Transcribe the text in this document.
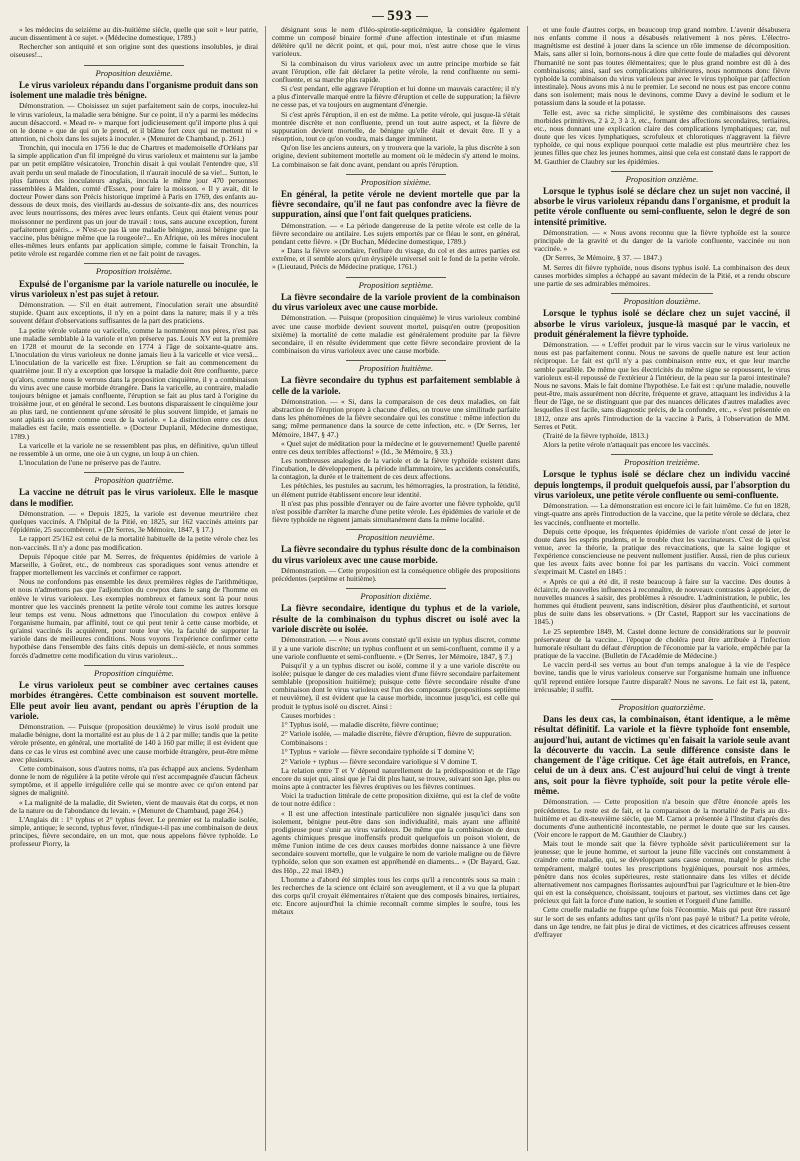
593

» les médecins du seizième au dix-huitième siècle, quelle que soit » leur patrie, aucun dissentiment à ce sujet. » (Médecine domestique, 1789.)

Rechercher son antiquité et son origine sont des questions insolubles, je dirai oiseuses!...

Proposition deuxième.

Le virus varioleux répandu dans l'organisme produit dans son isolement une maladie très bénigne.

Démonstration. — Choisissez un sujet parfaitement sain de corps, inoculez-lui le virus varioleux, la maladie sera bénigne. Sur ce point, il n'y a parmi les médecins aucun désaccord. « Mead re- » marque fort judicieusement qu'il importe plus à qui on le donne » que de qui on le prend, et il blâme fort ceux qui ne mettent ni » attention, ni choix dans les sujets à inoculer. » (Menuret de Chambaud, p. 261.)

Tronchin, qui inocula en 1756 le duc de Chartres et mademoiselle d'Orléans par la simple application d'un fil imprégné du virus varioleux et maintenu sur la jambe par un petit emplâtre vésicatoire, Tronchin disait à qui voulait l'entendre que, s'il avait perdu un seul malade de l'inoculation, il n'aurait inoculé de sa vie!... Sutton, le plus fameux des inoculateurs anglais, inocula le même jour 470 personnes rassemblées à Malden, comté d'Essex, pour faire la moisson. « Il y avait, dit le docteur Power dans son Précis historique imprimé à Paris en 1769, des enfants au-dessous de deux mois, des vieillards au-dessus de soixante-dix ans, des nourrices avec leurs nourrissons, des mères avec leurs enfants. Ceux qui étaient venus pour moissonner ne perdirent pas un jour de travail : tous, sans aucune exception, furent parfaitement guéris... » N'est-ce pas là une maladie bénigne, aussi bénigne que la vaccine, plus bénigne même que la rougeole?... En Afrique, où les mères inoculent elles-mêmes leurs enfants par application simple, comme le faisait Tronchin, la petite vérole est regardée comme rien et ne fait point de ravages.

Proposition troisième.

Expulsé de l'organisme par la variole naturelle ou inoculée, le virus varioleux n'est pas sujet à retour.

Démonstration. — S'il en était autrement, l'inoculation serait une absurdité stupide. Quant aux exceptions, il n'y en a point dans la nature; mais il y a très souvent défaut d'observations suffisantes de la part des praticiens.

La petite vérole volante ou varicelle, comme la nommèrent nos pères, n'est pas une maladie semblable à la variole et n'en préserve pas. Louis XV eut la première en 1728 et mourut de la seconde en 1774 à l'âge de soixante-quatre ans. L'inoculation du virus varioleux ne donne jamais lieu à la varicelle et vice versâ... L'inoculation de la varicelle est fixe. L'éruption se fait au commencement du quatrième jour. Il n'y a exception que lorsque la maladie doit être confluente, parce qu'alors, comme nous le verrons dans la proposition cinquième, il y a combinaison du virus avec une cause morbide étrangère. Dans la varicelle, au contraire, maladie toujours bénigne et jamais confluente, l'éruption se fait au plus tard à l'origine du troisième jour, et en général le second. Les boutons disparaissent le cinquième jour au plus tard, ne contiennent qu'une sérosité le plus souvent limpide, et jamais ne sont aplatis au centre comme ceux de la variole. « La distinction entre ces deux maladies est facile, mais essentielle. » (Docteur Duplanil, Médecine domestique, 1789.)

La varicelle et la variole ne se ressemblent pas plus, en définitive, qu'un tilleul ne ressemble à un orme, une oie à un cygne, un loup à un chien.

L'inoculation de l'une ne préserve pas de l'autre.

Proposition quatrième.

La vaccine ne détruit pas le virus varioleux. Elle le masque dans le modifier.

Démonstration. — « Depuis 1825, la variole est devenue meurtrière chez quelques vaccinés. A l'hôpital de la Pitié, en 1825, sur 162 vaccinés atteints par l'épidémie, 25 succombèrent. » (Dr Serres, 3e Mémoire, 1847, § 17.)

Le rapport 25/162 est celui de la mortalité habituelle de la petite vérole chez les non-vaccinés. Il n'y a donc pas modification.

Depuis l'époque citée par M. Serres, de fréquentes épidémies de variole à Marseille, à Goûret, etc., de nombreux cas sporadiques sont venus attendre et frapper mortellement les vaccinés et confirmer ce rapport.

Nous ne confondons pas ensemble les deux premières règles de l'arithmétique, et nous n'admettons pas que l'adjonction du cowpox dans le sang de l'homme en enlève le virus varioleux. Les exemples nombreux et fameux sont là pour nous montrer que les vaccinés prennent la petite vérole tout comme les autres lorsque leur temps est venu. Nous admettons que l'inoculation du cowpox enlève à l'organisme humain, par affinité, tout ce qui peut tenir à cette cause morbide, et qu'ainsi vaccinés ils acquièrent, pour toute leur vie, la faculté de supporter la variole dans de meilleures conditions. Nous voyons l'expérience confirmer cette hypothèse dans l'ensemble des faits cités depuis un demi-siècle, et nous sommes forcés d'admettre cette modification du virus varioleux...

Proposition cinquième.

Le virus varioleux peut se combiner avec certaines causes morbides étrangères. Cette combinaison est souvent mortelle. Elle peut avoir lieu avant, pendant ou après l'éruption de la variole.

Démonstration. — Puisque (proposition deuxième) le virus isolé produit une maladie bénigne, dont la mortalité est au plus de 1 à 2 par mille; tandis que la petite vérole présente, en général, une mortalité de 140 à 160 par mille; il est évident que dans ce cas le virus est combiné avec une cause morbide étrangère, peut-être même avec plusieurs.

Cette combinaison, sous d'autres noms, n'a pas échappé aux anciens. Sydenham donne le nom de régulière à la petite vérole qui n'est accompagnée d'aucun fâcheux symptôme, et il appelle irrégulière celle qui se montre avec ce qu'on entend par signes de malignité.

« La malignité de la maladie, dit Swieten, vient de mauvais état du corps, et non de la nature ou de l'abondance du levain. » (Menuret de Chambaud, page 264.)

L'Anglais dit : 1° typhus et 2° typhus fever. Le premier est la maladie isolée, simple, antique; le second, typhus fever, n'indique-t-il pas une combinaison de deux principes, fièvre secondaire, en un mot, que nous appelons fièvre typhoïde. Le professeur Piorry, la

désignant sous le nom d'iléo-spirotie-septicémique, la considère également comme un composé binaire formé d'une affection intestinale et d'un miasme délétère qu'il ne décrit point, et qui, pour moi, n'est autre chose que le virus varioleux.

Si la combinaison du virus varioleux avec un autre principe morbide se fait avant l'éruption, elle fait déclarer la petite vérole, la rend confluente ou semi-confluente, et sa marche plus rapide.

Si c'est pendant, elle aggrave l'éruption et lui donne un mauvais caractère; il n'y a plus d'intervalle marqué entre la fièvre d'éruption et celle de suppuration; la fièvre ne cesse pas, et va toujours en augmentant d'énergie.

Si c'est après l'éruption, il en est de même. La petite vérole, qui jusque-là s'était montrée discrète et non confluente, prend un tout autre aspect, et la fièvre de suppuration devient mortelle, de bénigne qu'elle était et devait être. Il y a résorption, tout ce qu'on voudra, mais danger imminent.

Qu'on lise les anciens auteurs, on y trouvera que la variole, la plus discrète à son origine, devient subitement mortelle au moment où le médecin s'y attend le moins. La combinaison se fait donc avant, pendant ou après l'éruption.

Proposition sixième.

En général, la petite vérole ne devient mortelle que par la fièvre secondaire, qu'il ne faut pas confondre avec la fièvre de suppuration, ainsi que l'ont fait quelques praticiens.

Démonstration. — « La période dangereuse de la petite vérole est celle de la fièvre secondaire ou antilaire. Les sujets emportés par ce fléau le sont, en général, pendant cette fièvre. » (Dr Buchan, Médecine domestique, 1789.)

« Dans la fièvre secondaire, l'enflure du visage, du col et des autres parties est extrême, et il semble alors qu'un érysipèle universel soit le fond de la petite vérole. » (Lieutaud, Précis de Médecine pratique, 1761.)

Proposition septième.

La fièvre secondaire de la variole provient de la combinaison du virus varioleux avec une cause morbide.

Démonstration. — Puisque (proposition cinquième) le virus varioleux combiné avec une cause morbide devient souvent mortel, puisqu'en outre (proposition sixième) la mortalité de cette maladie est généralement produite par la fièvre secondaire, il en résulte évidemment que cette fièvre secondaire provient de la combinaison du virus varioleux avec une cause morbide.

Proposition huitième.

La fièvre secondaire du typhus est parfaitement semblable à celle de la variole.

Démonstration. — « Si, dans la comparaison de ces deux maladies, on fait abstraction de l'éruption propre à chacune d'elles, on trouve une similitude parfaite dans les phénomènes de la fièvre secondaire qui les constitue : même infection du sang; même permanence dans la source de cette infection, etc. » (Dr Serres, 1er Mémoire, 1847, § 47.)

« Quel sujet de méditation pour la médecine et le gouvernement! Quelle parenté entre ces deux terribles affections! » (Id., 3e Mémoire, § 33.)

Les nombreuses analogies de la variole et de la fièvre typhoïde existent dans l'incubation, le développement, la période inflammatoire, les accidents consécutifs, la contagion, la durée et le traitement de ces deux affections.

Les pétéchies, les pustules au sacrum, les hémorragies, la prostration, la fétidité, un élément putride établissent encore leur identité.

Il n'est pas plus possible d'enrayer ou de faire avorter une fièvre typhoïde, qu'il n'est possible d'arrêter la marche d'une petite vérole. Les épidémies de variole et de fièvre typhoïde ne règnent jamais simultanément dans la même localité.

Proposition neuvième.

La fièvre secondaire du typhus résulte donc de la combinaison du virus varioleux avec une cause morbide.

Démonstration. — Cette proposition est la conséquence obligée des propositions précédentes (septième et huitième).

Proposition dixième.

La fièvre secondaire, identique du typhus et de la variole, résulte de la combinaison du typhus discret ou isolé avec la variole discrète ou isolée.

Démonstration. — « Nous avons constaté qu'il existe un typhus discret, comme il y a une variole discrète; un typhus confluent et un semi-confluent, comme il y a une variole confluente et semi-confluente. » (Dr Serres, 1er Mémoire, 1847, § 7.)

Puisqu'il y a un typhus discret ou isolé, comme il y a une variole discrète ou isolée; puisque le danger de ces maladies vient d'une fièvre secondaire parfaitement semblable (proposition huitième); puisque cette fièvre secondaire résulte d'une combinaison dont le virus varioleux est l'un des composants (propositions septième et neuvième), il est évident que la cause morbide, inconnue jusqu'ici, est celle qui produit le typhus isolé ou discret. Ainsi :

Causes morbides :

1° Typhus isolé, — maladie discrète, fièvre continue;

2° Variole isolée, — maladie discrète, fièvre d'éruption, fièvre de suppuration.

Combinaisons :

1° Typhus + variole — fièvre secondaire typhoïde si T domine V;

2° Variole + typhus — fièvre secondaire variolique si V domine T.

La relation entre T et V dépend naturellement de la prédisposition et de l'âge encore du sujet qui, ainsi que je l'ai dit plus haut, se trouve, suivant son âge, plus ou moins apte à contracter les fièvres éruptives ou les fièvres continues.

Voici la traduction littérale de cette proposition dixième, qui est la clef de voûte de tout notre édifice :

« Il est une affection intestinale particulière non signalée jusqu'ici dans son isolement, bénigne peut-être dans son individualité, mais ayant une affinité prodigieuse pour s'unir au virus varioleux. De même que la combinaison de deux agents chimiques presque inoffensifs produit quelquefois un poison violent, de même l'union intime de ces deux causes morbides donne naissance à une fièvre secondaire souvent mortelle, que le vulgaire le nom de variole maligne ou de fièvre typhoïde, selon que son examen est appréhendé en diaments... » (Dr Bayard, Gaz. des Hôp., 22 mai 1849.)

L'homme a d'abord été simples tous les corps qu'il a rencontrés sous sa main : les recherches de la science ont éclairé son aveuglement, et il a vu que la plupart des corps qu'il croyait élémentaires n'étaient que des composés binaires, tertiaires, etc. Encore aujourd'hui la chimie reconnaît comme simples le soufre, tous les métaux

et une foule d'autres corps, en beaucoup trop grand nombre. L'avenir désabusera nos enfants comme il nous a désabusés relativement à nos pères. L'électro-magnétisme est destiné à jouer dans la science un rôle immense de décomposition. Mais, sans aller si loin, bornons-nous à dire que cette foule de maladies qui dévorent l'humanité ne sont pas toutes élémentaires; que le plus grand nombre est dû à des combinaisons; ainsi, sauf ses complications ultérieures, nous nommons donc fièvre typhoïde la combinaison du virus varioleux par avec le virus typhoïque par (affection intestinale). Nous avons mis à nu le premier. Le second ne nous est pas encore connu dans son isolement; mais nous le devinons, comme Davy a deviné le sodium et le potassium dans la soude et la potasse.

Telle est, avec sa riche simplicité, le système des combinaisons des causes morbides primitives, 2 à 2, 3 à 3, etc., formant des affections secondaires, tertiaires, etc., nous donnant une explication claire des complications lymphatiques; car, nul doute que les vices lymphatiques, scrofuleux et chlorotiques n'aggravent la fièvre typhoïde, ce qui nous explique pourquoi cette maladie est plus meurtrière chez les jeunes filles que chez les jeunes hommes, ainsi que cela est constaté dans le rapport de M. Gauthier de Claubry sur les épidémies.

Proposition onzième.

Lorsque le typhus isolé se déclare chez un sujet non vacciné, il absorbe le virus varioleux répandu dans l'organisme, et produit la petite vérole confluente ou semi-confluente, selon le degré de son intensité primitive.

Démonstration. — « Nous avons reconnu que la fièvre typhoïde est la source principale de la gravité et du danger de la variole confluente, vaccinée ou non vaccinée. »

(Dr Serres, 3e Mémoire, § 37. — 1847.)

M. Serres dit fièvre typhoïde, nous disons typhus isolé. La combinaison des deux causes morbides simples a échappé au savant médecin de la Pitié, et a rendu obscure une partie de ses admirables mémoires.

Proposition douzième.

Lorsque le typhus isolé se déclare chez un sujet vacciné, il absorbe le virus varioleux, jusque-là masqué par le vaccin, et produit généralement la fièvre typhoïde.

Démonstration. — « L'effet produit par le virus vaccin sur le virus varioleux ne nous est pas parfaitement connu. Nous ne savons de quelle nature est leur action réciproque. Le fait est qu'il n'y a pas combinaison entre eux, et que leur marche semble parallèle. De même que les électricités du même signe se repoussent, le virus varioleux est-il repoussé de l'extérieur à l'intérieur, de la peau sur la paroi intestinale? Nous ne savons. Mais le fait domine l'hypothèse. Le fait est : qu'une maladie, nouvelle peut-être, mais assurément non décrite, fréquente et grave, attaquant les individus à la fleur de l'âge, ne se distinguant que par des nuances délicates d'autres maladies avec lesquelles il est facile, sans diagnostic précis, de la confondre, etc., » s'est présentée en 1812, onze ans après l'introduction de la vaccine à Paris, à l'observation de MM. Serres et Petit.

(Traité de la fièvre typhoïde, 1813.)

Alors la petite vérole n'attaquait pas encore les vaccinés.

Proposition treizième.

Lorsque le typhus isolé se déclare chez un individu vacciné depuis longtemps, il produit quelquefois aussi, par l'absorption du virus varioleux, une petite vérole confluente ou semi-confluente.

Démonstration. — La démonstration est encore ici le fait luimême. Ce fut en 1828, vingt-quatre ans après l'introduction de la vaccine, que la petite vérole se déclara, chez les vaccinés, confluente et mortelle.

Depuis cette époque, les fréquentes épidémies de variole n'ont cessé de jeter le doute dans les esprits prudents, et le trouble chez les vaccinateurs. C'est de là qu'est venue, avec la théorie, la pratique des revaccinations, que la saine logique et l'expérience consciencieuse ne peuvent nullement justifier. Aussi, rien de plus curieux que les aveux faits avec bonne foi par les partisans du vaccin. Voici comment s'exprimait M. Castel en 1845 :

« Après ce qui a été dit, il reste beaucoup à faire sur la vaccine. Des doutes à éclaircir, de nouvelles influences à reconnaître, de nouveaux contrastes à apprécier, de nouvelles nuances à saisir, des problèmes à résoudre. L'administration, le public, les hommes qui étudient peuvent, sans indiscrétion, désirer plus d'authenticité, et surtout plus de suite dans les observations. » (Dr Castel, Rapport sur les vaccinations de 1845.)

Le 25 septembre 1849, M. Castel donne lecture de considérations sur le pouvoir préservateur de la vaccine... l'époque de choléra peut être attribuée à l'infection humorale résultant du défaut d'éruption de l'économie par la variole, empêchée par la pratique de la vaccine. (Bulletin de l'Académie de Médecine.)

Le vaccin perd-il ses vertus au bout d'un temps analogue à la vie de l'espèce bovine, tandis que le virus varioleux conserve sur l'organisme humain une influence qu'il reprend entière lorsque l'autre disparaît? Nous ne savons. Le fait est là, patent, irrécusable; il suffit.

Proposition quatorzième.

Dans les deux cas, la combinaison, étant identique, a le même résultat définitif. La variole et la fièvre typhoïde font ensemble, aujourd'hui, autant de victimes qu'en faisait la variole seule avant la découverte du vaccin. La seule différence consiste dans le changement de l'âge critique. Cet âge était autrefois, en France, celui de un à deux ans. C'est aujourd'hui celui de vingt à trente ans, soit pour la fièvre typhoïde, soit pour la petite vérole elle-même.

Démonstration. — Cette proposition n'a besoin que d'être énoncée après les précédentes. Le reste est de fait, et la comparaison de la mortalité de Paris au dix-huitième et au dix-neuvième siècle, que M. Carnot a présentée à l'Institut d'après des documents d'une authenticité incontestable, ne permet le doute que sur les causes. (Voir encore le rapport de M. Gauthier de Claubry.)

Mais tout le monde sait que la fièvre typhoïde sévit particulièrement sur la jeunesse; que le jeune homme, et surtout la jeune fille vaccinés ont constamment à craindre cette maladie, qui, se développant sans cause connue, malgré le plus riche tempérament, malgré toutes les prescriptions hygiéniques, poursuit nos armées, pénètre dans nos écoles supérieures, reste stationnaire dans les villes et décide alternativement nos campagnes florissantes aujourd'hui par l'agriculture et le bien-être qui en est la conséquence, choisissant, toujours et partout, ses victimes dans cet âge précieux qui fait la force d'une nation, le soutien et l'orgueil d'une famille.

Cette cruelle maladie ne frappe qu'une fois l'économie. Mais qui peut être rassuré sur le sort de ses enfants adultes tant qu'ils n'ont pas payé le tribut? La petite vérole, dans un âge tendre, ne fait plus je dirai de victimes, et des cicatrices affreuses cessent d'effrayer
